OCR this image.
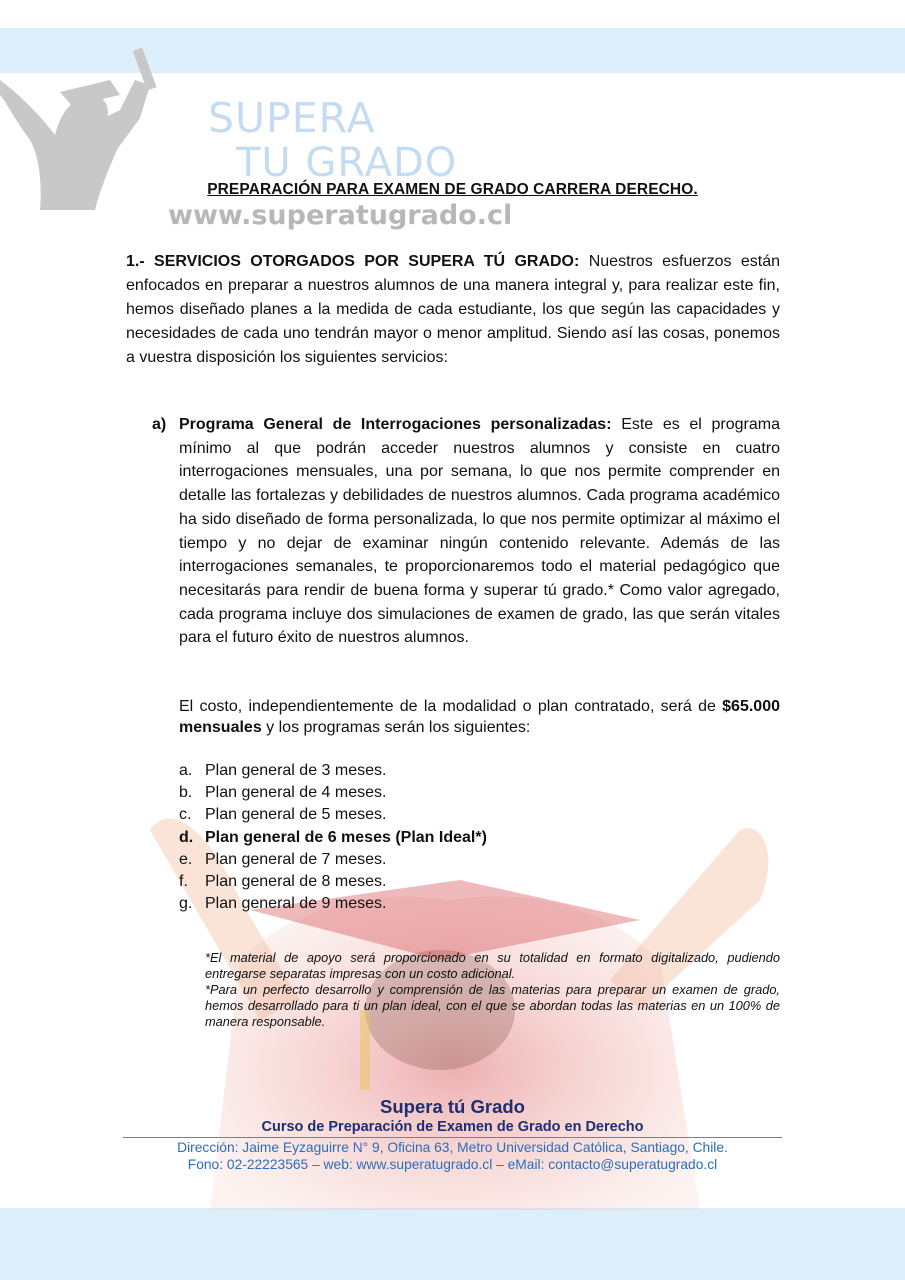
SUPERA
TU GRADO
www.superatugrado.cl
PREPARACIÓN PARA EXAMEN DE GRADO CARRERA DERECHO.
1.- SERVICIOS OTORGADOS POR SUPERA TÚ GRADO: Nuestros esfuerzos están enfocados en preparar a nuestros alumnos de una manera integral y, para realizar este fin, hemos diseñado planes a la medida de cada estudiante, los que según las capacidades y necesidades de cada uno tendrán mayor o menor amplitud. Siendo así las cosas, ponemos a vuestra disposición los siguientes servicios:
a) Programa General de Interrogaciones personalizadas: Este es el programa mínimo al que podrán acceder nuestros alumnos y consiste en cuatro interrogaciones mensuales, una por semana, lo que nos permite comprender en detalle las fortalezas y debilidades de nuestros alumnos. Cada programa académico ha sido diseñado de forma personalizada, lo que nos permite optimizar al máximo el tiempo y no dejar de examinar ningún contenido relevante. Además de las interrogaciones semanales, te proporcionaremos todo el material pedagógico que necesitarás para rendir de buena forma y superar tú grado.* Como valor agregado, cada programa incluye dos simulaciones de examen de grado, las que serán vitales para el futuro éxito de nuestros alumnos.
El costo, independientemente de la modalidad o plan contratado, será de $65.000 mensuales y los programas serán los siguientes:
a. Plan general de 3 meses.
b. Plan general de 4 meses.
c. Plan general de 5 meses.
d. Plan general de 6 meses (Plan Ideal*)
e. Plan general de 7 meses.
f. Plan general de 8 meses.
g. Plan general de 9 meses.

*El material de apoyo será proporcionado en su totalidad en formato digitalizado, pudiendo entregarse separatas impresas con un costo adicional.

*Para un perfecto desarrollo y comprensión de las materias para preparar un examen de grado, hemos desarrollado para ti un plan ideal, con el que se abordan todas las materias en un 100% de manera responsable.

Supera tú Grado
Curso de Preparación de Examen de Grado en Derecho
Dirección: Jaime Eyzaguirre N° 9, Oficina 63, Metro Universidad Católica, Santiago, Chile.
Fono: 02-22223565 – web: www.superatugrado.cl – eMail: contacto@superatugrado.cl
